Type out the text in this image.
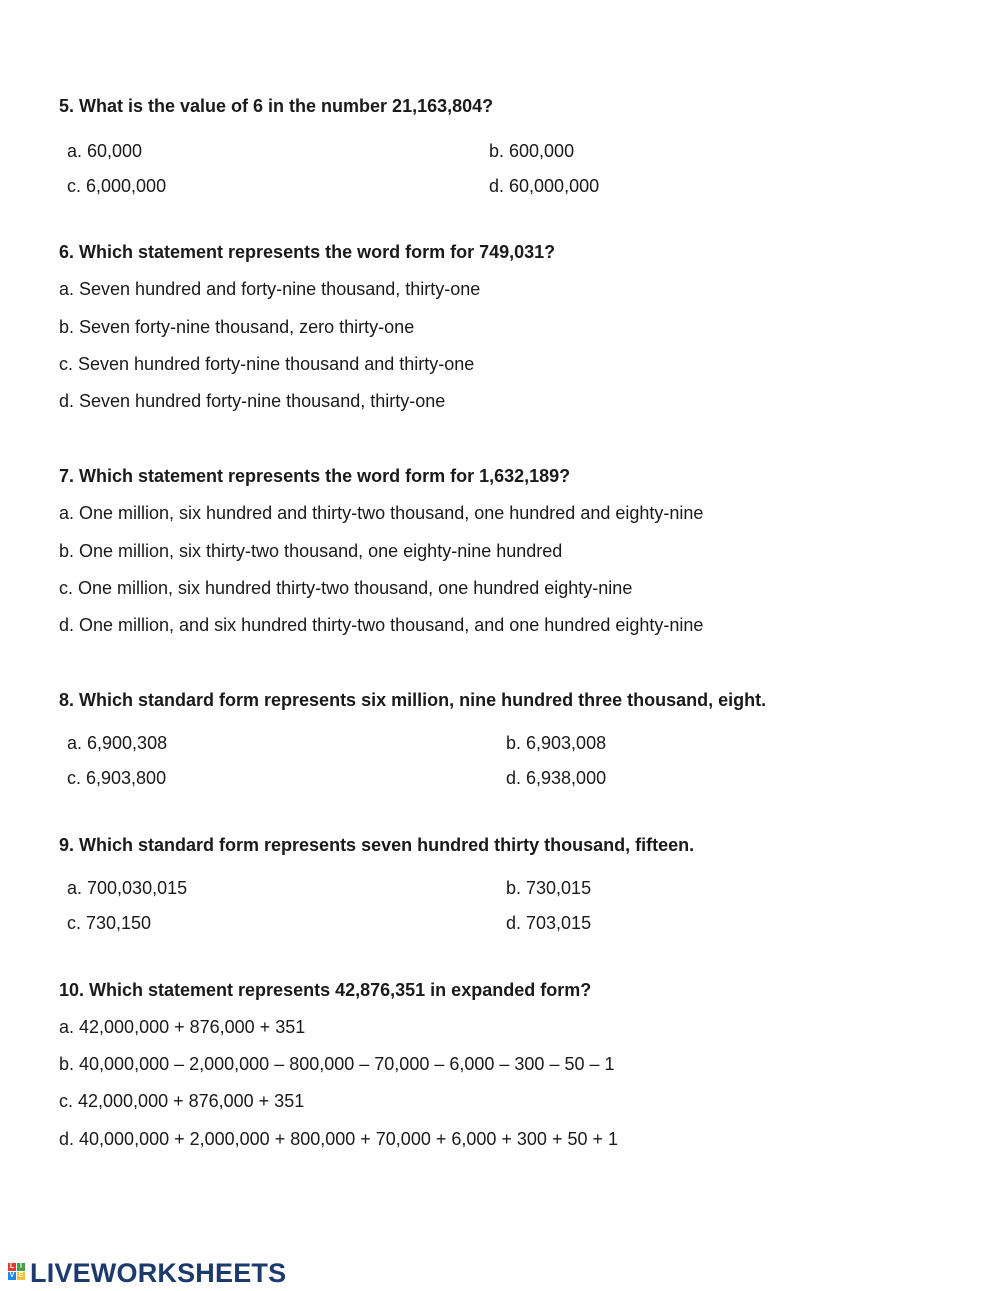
5. What is the value of 6 in the number 21,163,804?
a. 60,000	b. 600,000
c. 6,000,000	d. 60,000,000
6. Which statement represents the word form for 749,031?
a. Seven hundred and forty-nine thousand, thirty-one
b. Seven forty-nine thousand, zero thirty-one
c. Seven hundred forty-nine thousand and thirty-one
d. Seven hundred forty-nine thousand, thirty-one
7. Which statement represents the word form for 1,632,189?
a. One million, six hundred and thirty-two thousand, one hundred and eighty-nine
b. One million, six thirty-two thousand, one eighty-nine hundred
c. One million, six hundred thirty-two thousand, one hundred eighty-nine
d. One million, and six hundred thirty-two thousand, and one hundred eighty-nine
8. Which standard form represents six million, nine hundred three thousand, eight.
a. 6,900,308	b. 6,903,008
c. 6,903,800	d. 6,938,000
9. Which standard form represents seven hundred thirty thousand, fifteen.
a. 700,030,015	b. 730,015
c. 730,150	d. 703,015
10. Which statement represents 42,876,351 in expanded form?
a. 42,000,000 + 876,000 + 351
b. 40,000,000 – 2,000,000 – 800,000 – 70,000 – 6,000 – 300 – 50 – 1
c. 42,000,000 + 876,000 + 351
d. 40,000,000 + 2,000,000 + 800,000 + 70,000 + 6,000 + 300 + 50 + 1
L I
V E LIVEWORKSHEETS
